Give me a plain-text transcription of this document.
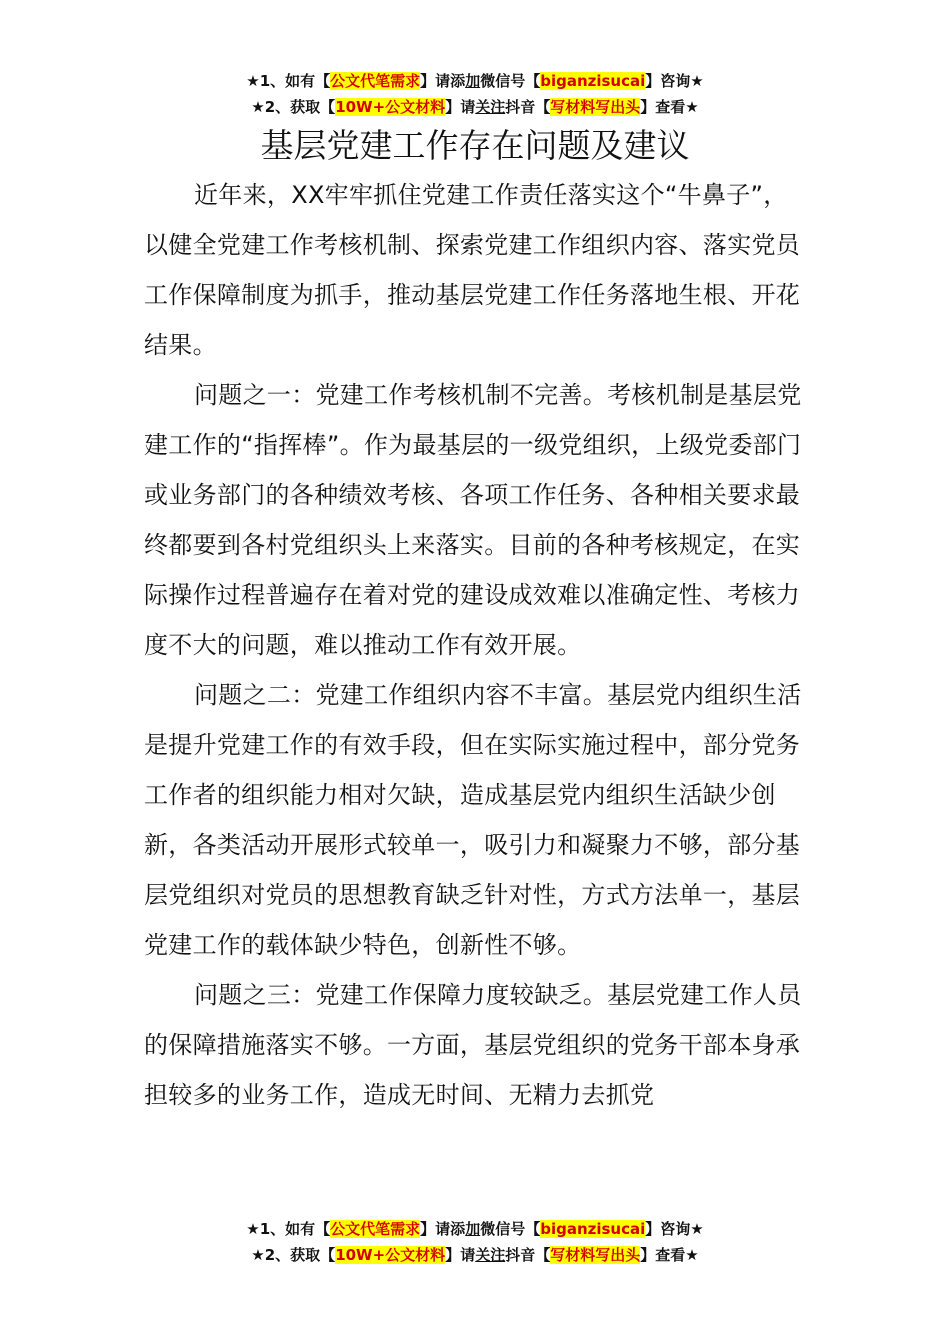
★1、如有【公文代笔需求】请添加微信号【biganzisucai】咨询★
★2、获取【10W+公文材料】请关注抖音【写材料写出头】查看★
基层党建工作存在问题及建议

近年来，XX牢牢抓住党建工作责任落实这个“牛鼻子”，以健全党建工作考核机制、探索党建工作组织内容、落实党员工作保障制度为抓手，推动基层党建工作任务落地生根、开花结果。

问题之一：党建工作考核机制不完善。考核机制是基层党建工作的“指挥棒”。作为最基层的一级党组织，上级党委部门或业务部门的各种绩效考核、各项工作任务、各种相关要求最终都要到各村党组织头上来落实。目前的各种考核规定，在实际操作过程普遍存在着对党的建设成效难以准确定性、考核力度不大的问题，难以推动工作有效开展。

问题之二：党建工作组织内容不丰富。基层党内组织生活是提升党建工作的有效手段，但在实际实施过程中，部分党务工作者的组织能力相对欠缺，造成基层党内组织生活缺少创新，各类活动开展形式较单一，吸引力和凝聚力不够，部分基层党组织对党员的思想教育缺乏针对性，方式方法单一，基层党建工作的载体缺少特色，创新性不够。

问题之三：党建工作保障力度较缺乏。基层党建工作人员的保障措施落实不够。一方面，基层党组织的党务干部本身承担较多的业务工作，造成无时间、无精力去抓党

★1、如有【公文代笔需求】请添加微信号【biganzisucai】咨询★
★2、获取【10W+公文材料】请关注抖音【写材料写出头】查看★
